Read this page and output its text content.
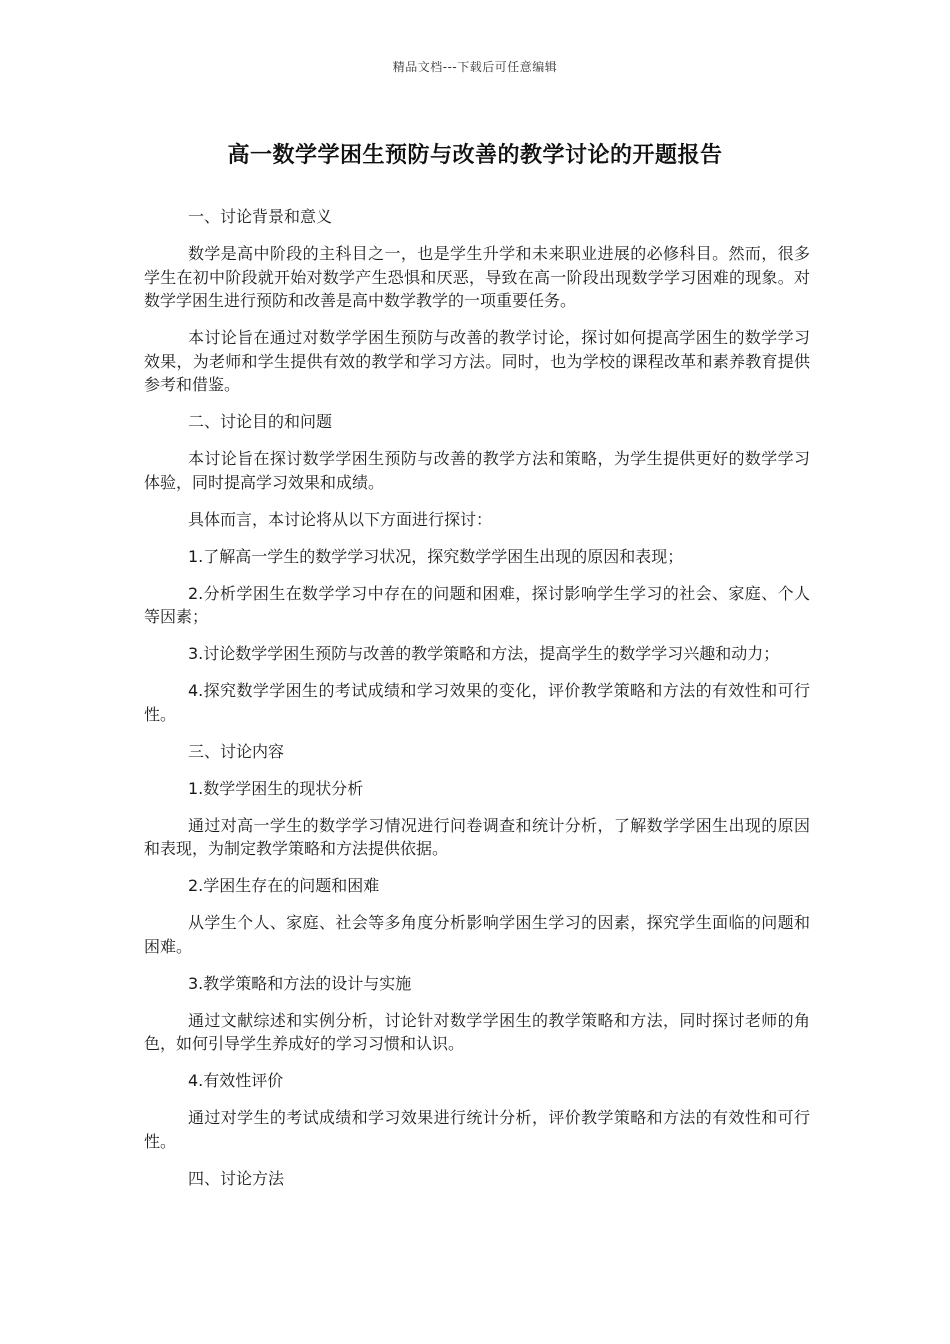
精品文档---下载后可任意编辑
高一数学学困生预防与改善的教学讨论的开题报告

一、讨论背景和意义

数学是高中阶段的主科目之一，也是学生升学和未来职业进展的必修科目。然而，很多学生在初中阶段就开始对数学产生恐惧和厌恶，导致在高一阶段出现数学学习困难的现象。对数学学困生进行预防和改善是高中数学教学的一项重要任务。

本讨论旨在通过对数学学困生预防与改善的教学讨论，探讨如何提高学困生的数学学习效果，为老师和学生提供有效的教学和学习方法。同时，也为学校的课程改革和素养教育提供参考和借鉴。

二、讨论目的和问题

本讨论旨在探讨数学学困生预防与改善的教学方法和策略，为学生提供更好的数学学习体验，同时提高学习效果和成绩。

具体而言，本讨论将从以下方面进行探讨：

1.了解高一学生的数学学习状况，探究数学学困生出现的原因和表现；

2.分析学困生在数学学习中存在的问题和困难，探讨影响学生学习的社会、家庭、个人等因素；

3.讨论数学学困生预防与改善的教学策略和方法，提高学生的数学学习兴趣和动力；

4.探究数学学困生的考试成绩和学习效果的变化，评价教学策略和方法的有效性和可行性。

三、讨论内容

1.数学学困生的现状分析

通过对高一学生的数学学习情况进行问卷调查和统计分析，了解数学学困生出现的原因和表现，为制定教学策略和方法提供依据。

2.学困生存在的问题和困难

从学生个人、家庭、社会等多角度分析影响学困生学习的因素，探究学生面临的问题和困难。

3.教学策略和方法的设计与实施

通过文献综述和实例分析，讨论针对数学学困生的教学策略和方法，同时探讨老师的角色，如何引导学生养成好的学习习惯和认识。

4.有效性评价

通过对学生的考试成绩和学习效果进行统计分析，评价教学策略和方法的有效性和可行性。

四、讨论方法
